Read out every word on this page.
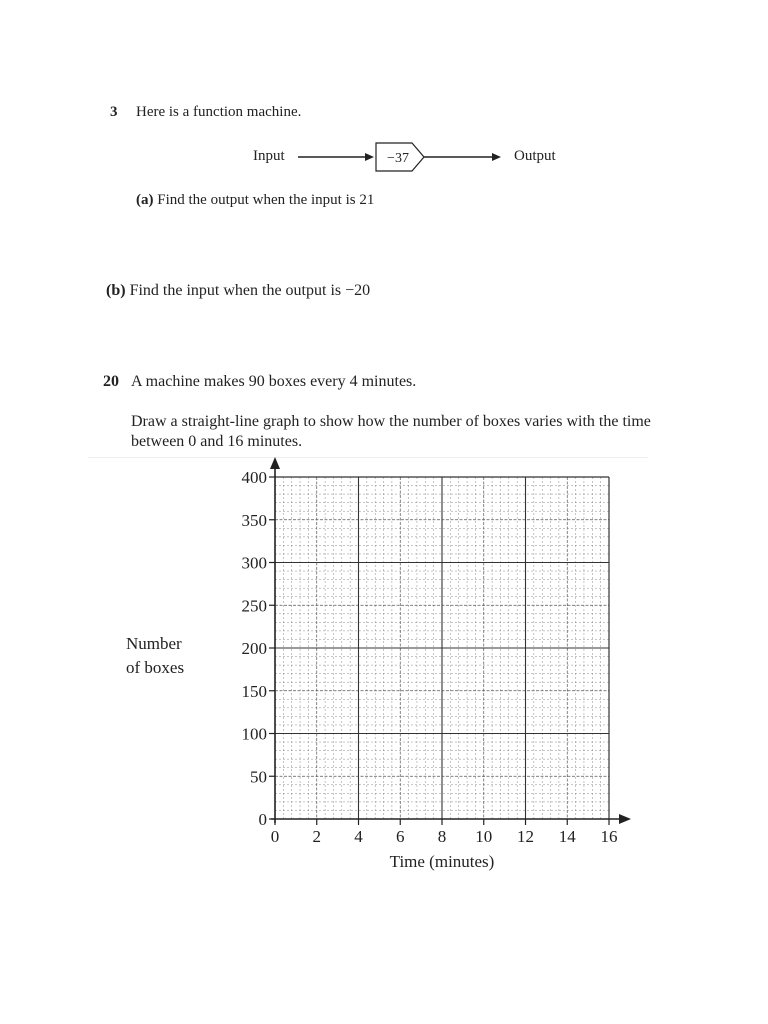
3 Here is a function machine.
Input	−37	Output
(a) Find the output when the input is 21
(b) Find the input when the output is −20
20 A machine makes 90 boxes every 4 minutes.
Draw a straight-line graph to show how the number of boxes varies with the time
between 0 and 16 minutes.
Number
of boxes
0 2 4 6 8 10 12 14 16
0
50
100
150
200
250
300
350
400
Time (minutes)
